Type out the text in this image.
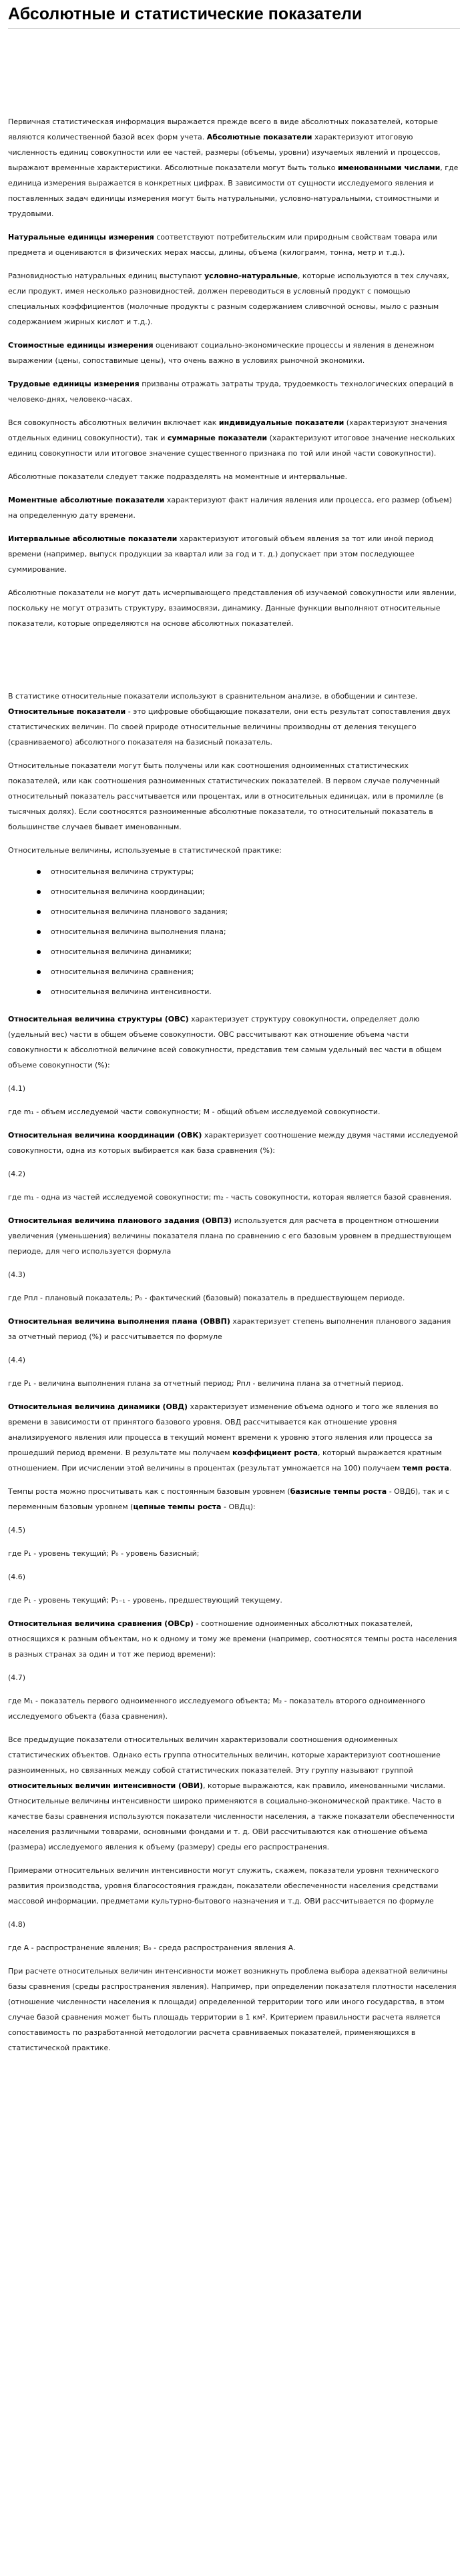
Абсолютные и статистические показатели

Первичная статистическая информация выражается прежде всего в виде абсолютных показателей, которые являются количественной базой всех форм учета. Абсолютные показатели характеризуют итоговую численность единиц совокупности или ее частей, размеры (объемы, уровни) изучаемых явлений и процессов, выражают временные характеристики. Абсолютные показатели могут быть только именованными числами, где единица измерения выражается в конкретных цифрах. В зависимости от сущности исследуемого явления и поставленных задач единицы измерения могут быть натуральными, условно-натуральными, стоимостными и трудовыми.

Натуральные единицы измерения соответствуют потребительским или природным свойствам товара или предмета и оцениваются в физических мерах массы, длины, объема (килограмм, тонна, метр и т.д.).

Разновидностью натуральных единиц выступают условно-натуральные, которые используются в тех случаях, если продукт, имея несколько разновидностей, должен переводиться в условный продукт с помощью специальных коэффициентов (молочные продукты с разным содержанием сливочной основы, мыло с разным содержанием жирных кислот и т.д.).

Стоимостные единицы измерения оценивают социально-экономические процессы и явления в денежном выражении (цены, сопоставимые цены), что очень важно в условиях рыночной экономики.

Трудовые единицы измерения призваны отражать затраты труда, трудоемкость технологических операций в человеко-днях, человеко-часах.

Вся совокупность абсолютных величин включает как индивидуальные показатели (характеризуют значения отдельных единиц совокупности), так и суммарные показатели (характеризуют итоговое значение нескольких единиц совокупности или итоговое значение существенного признака по той или иной части совокупности).

Абсолютные показатели следует также подразделять на моментные и интервальные.

Моментные абсолютные показатели характеризуют факт наличия явления или процесса, его размер (объем) на определенную дату времени.

Интервальные абсолютные показатели характеризуют итоговый объем явления за тот или иной период времени (например, выпуск продукции за квартал или за год и т. д.) допускает при этом последующее суммирование.

Абсолютные показатели не могут дать исчерпывающего представления об изучаемой совокупности или явлении, поскольку не могут отразить структуру, взаимосвязи, динамику. Данные функции выполняют относительные показатели, которые определяются на основе абсолютных показателей.

В статистике относительные показатели используют в сравнительном анализе, в обобщении и синтезе. Относительные показатели - это цифровые обобщающие показатели, они есть результат сопоставления двух статистических величин. По своей природе относительные величины производны от деления текущего (сравниваемого) абсолютного показателя на базисный показатель.

Относительные показатели могут быть получены или как соотношения одноименных статистических показателей, или как соотношения разноименных статистических показателей. В первом случае полученный относительный показатель рассчитывается или процентах, или в относительных единицах, или в промилле (в тысячных долях). Если соотносятся разноименные абсолютные показатели, то относительный показатель в большинстве случаев бывает именованным.

Относительные величины, используемые в статистической практике:

относительная величина структуры;
относительная величина координации;
относительная величина планового задания;
относительная величина выполнения плана;
относительная величина динамики;
относительная величина сравнения;
относительная величина интенсивности.

Относительная величина структуры (ОВС) характеризует структуру совокупности, определяет долю (удельный вес) части в общем объеме совокупности. ОВС рассчитывают как отношение объема части совокупности к абсолютной величине всей совокупности, представив тем самым удельный вес части в общем объеме совокупности (%):

(4.1)

где m₁ - объем исследуемой части совокупности; M - общий объем исследуемой совокупности.

Относительная величина координации (ОВК) характеризует соотношение между двумя частями исследуемой совокупности, одна из которых выбирается как база сравнения (%):

(4.2)

где m₁ - одна из частей исследуемой совокупности; m₂ - часть совокупности, которая является базой сравнения.

Относительная величина планового задания (ОВПЗ) используется для расчета в процентном отношении увеличения (уменьшения) величины показателя плана по сравнению с его базовым уровнем в предшествующем периоде, для чего используется формула

(4.3)

где Pпл - плановый показатель; P₀ - фактический (базовый) показатель в предшествующем периоде.

Относительная величина выполнения плана (ОВВП) характеризует степень выполнения планового задания за отчетный период (%) и рассчитывается по формуле

(4.4)

где P₁ - величина выполнения плана за отчетный период; Pпл - величина плана за отчетный период.

Относительная величина динамики (ОВД) характеризует изменение объема одного и того же явления во времени в зависимости от принятого базового уровня. ОВД рассчитывается как отношение уровня анализируемого явления или процесса в текущий момент времени к уровню этого явления или процесса за прошедший период времени. В результате мы получаем коэффициент роста, который выражается кратным отношением. При исчислении этой величины в процентах (результат умножается на 100) получаем темп роста.

Темпы роста можно просчитывать как с постоянным базовым уровнем (базисные темпы роста - ОВДб), так и с переменным базовым уровнем (цепные темпы роста - ОВДц):

(4.5)

где P₁ - уровень текущий; P₀ - уровень базисный;

(4.6)

где P₁ - уровень текущий; P₁₋₁ - уровень, предшествующий текущему.

Относительная величина сравнения (ОВСр) - соотношение одноименных абсолютных показателей, относящихся к разным объектам, но к одному и тому же времени (например, соотносятся темпы роста населения в разных странах за один и тот же период времени):

(4.7)

где M₁ - показатель первого одноименного исследуемого объекта; M₂ - показатель второго одноименного исследуемого объекта (база сравнения).

Все предыдущие показатели относительных величин характеризовали соотношения одноименных статистических объектов. Однако есть группа относительных величин, которые характеризуют соотношение разноименных, но связанных между собой статистических показателей. Эту группу называют группой относительных величин интенсивности (ОВИ), которые выражаются, как правило, именованными числами. Относительные величины интенсивности широко применяются в социально-экономической практике. Часто в качестве базы сравнения используются показатели численности населения, а также показатели обеспеченности населения различными товарами, основными фондами и т. д. ОВИ рассчитываются как отношение объема (размера) исследуемого явления к объему (размеру) среды его распространения.

Примерами относительных величин интенсивности могут служить, скажем, показатели уровня технического развития производства, уровня благосостояния граждан, показатели обеспеченности населения средствами массовой информации, предметами культурно-бытового назначения и т.д. ОВИ рассчитывается по формуле

(4.8)

где A - распространение явления; B₀ - среда распространения явления A.

При расчете относительных величин интенсивности может возникнуть проблема выбора адекватной величины базы сравнения (среды распространения явления). Например, при определении показателя плотности населения (отношение численности населения к площади) определенной территории того или иного государства, в этом случае базой сравнения может быть площадь территории в 1 км². Критерием правильности расчета является сопоставимость по разработанной методологии расчета сравниваемых показателей, применяющихся в статистической практике.
